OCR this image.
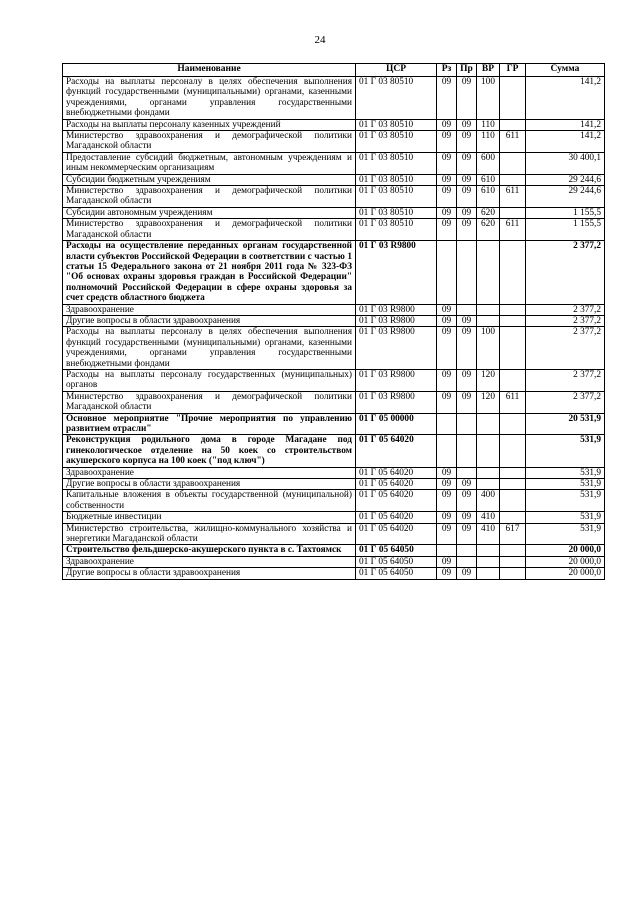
24
Наименование	ЦСР	Рз	Пр	ВР	ГР	Сумма
Расходы на выплаты персоналу в целях обеспечения выполнения функций государственными (муниципальными) органами, казенными учреждениями, органами управления государственными внебюджетными фондами	01 Г 03 80510	09	09	100		141,2
Расходы на выплаты персоналу казенных учреждений	01 Г 03 80510	09	09	110		141,2
Министерство здравоохранения и демографической политики Магаданской области	01 Г 03 80510	09	09	110	611	141,2
Предоставление субсидий бюджетным, автономным учреждениям и иным некоммерческим организациям	01 Г 03 80510	09	09	600		30 400,1
Субсидии бюджетным учреждениям	01 Г 03 80510	09	09	610		29 244,6
Министерство здравоохранения и демографической политики Магаданской области	01 Г 03 80510	09	09	610	611	29 244,6
Субсидии автономным учреждениям	01 Г 03 80510	09	09	620		1 155,5
Министерство здравоохранения и демографической политики Магаданской области	01 Г 03 80510	09	09	620	611	1 155,5
Расходы на осуществление переданных органам государственной власти субъектов Российской Федерации в соответствии с частью 1 статьи 15 Федерального закона от 21 ноября 2011 года № 323-ФЗ "Об основах охраны здоровья граждан в Российской Федерации" полномочий Российской Федерации в сфере охраны здоровья за счет средств областного бюджета	01 Г 03 R9800					2 377,2
Здравоохранение	01 Г 03 R9800	09				2 377,2
Другие вопросы в области здравоохранения	01 Г 03 R9800	09	09			2 377,2
Расходы на выплаты персоналу в целях обеспечения выполнения функций государственными (муниципальными) органами, казенными учреждениями, органами управления государственными внебюджетными фондами	01 Г 03 R9800	09	09	100		2 377,2
Расходы на выплаты персоналу государственных (муниципальных) органов	01 Г 03 R9800	09	09	120		2 377,2
Министерство здравоохранения и демографической политики Магаданской области	01 Г 03 R9800	09	09	120	611	2 377,2
Основное мероприятие "Прочие мероприятия по управлению развитием отрасли"	01 Г 05 00000					20 531,9
Реконструкция родильного дома в городе Магадане под гинекологическое отделение на 50 коек со строительством акушерского корпуса на 100 коек ("под ключ")	01 Г 05 64020					531,9
Здравоохранение	01 Г 05 64020	09				531,9
Другие вопросы в области здравоохранения	01 Г 05 64020	09	09			531,9
Капитальные вложения в объекты государственной (муниципальной) собственности	01 Г 05 64020	09	09	400		531,9
Бюджетные инвестиции	01 Г 05 64020	09	09	410		531,9
Министерство строительства, жилищно-коммунального хозяйства и энергетики Магаданской области	01 Г 05 64020	09	09	410	617	531,9
Строительство фельдшерско-акушерского пункта в с. Тахтоямск	01 Г 05 64050					20 000,0
Здравоохранение	01 Г 05 64050	09				20 000,0
Другие вопросы в области здравоохранения	01 Г 05 64050	09	09			20 000,0
